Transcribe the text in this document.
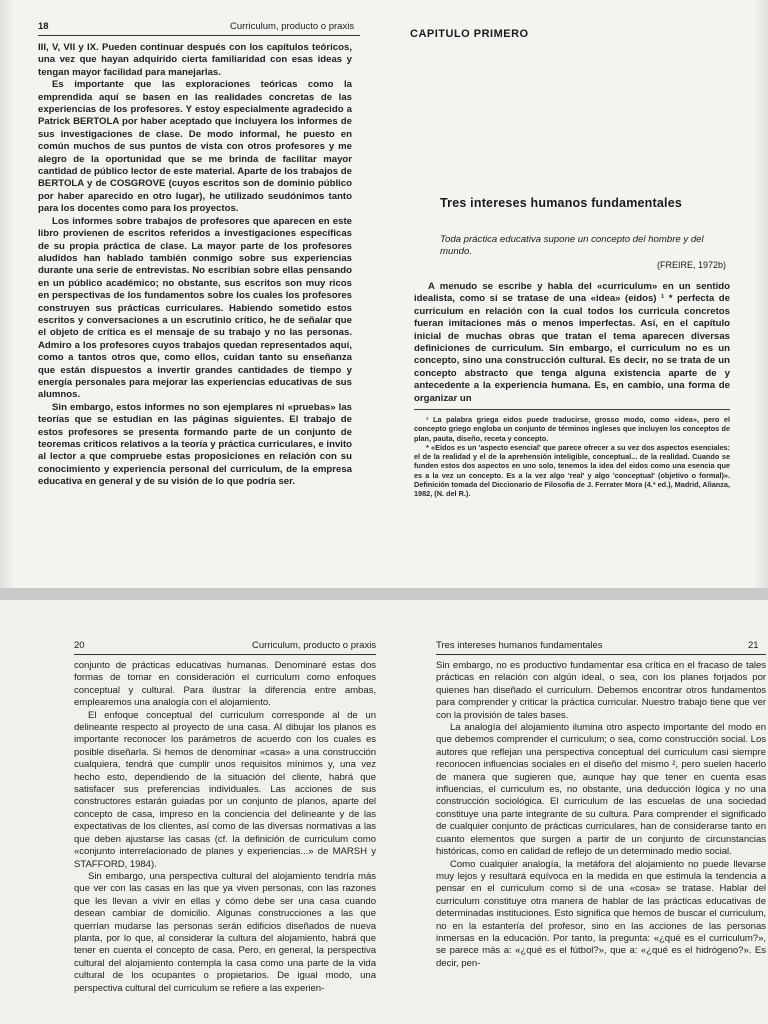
18	Curriculum, producto o praxis

III, V, VII y IX. Pueden continuar después con los capítulos teóricos, una vez que hayan adquirido cierta familiaridad con esas ideas y tengan mayor facilidad para manejarlas.

Es importante que las exploraciones teóricas como la emprendida aquí se basen en las realidades concretas de las experiencias de los profesores. Y estoy especialmente agradecido a Patrick BERTOLA por haber aceptado que incluyera los informes de sus investigaciones de clase. De modo informal, he puesto en común muchos de sus puntos de vista con otros profesores y me alegro de la oportunidad que se me brinda de facilitar mayor cantidad de público lector de este material. Aparte de los trabajos de BERTOLA y de COSGROVE (cuyos escritos son de dominio público por haber aparecido en otro lugar), he utilizado seudónimos tanto para los docentes como para los proyectos.

Los informes sobre trabajos de profesores que aparecen en este libro provienen de escritos referidos a investigaciones específicas de su propia práctica de clase. La mayor parte de los profesores aludidos han hablado también conmigo sobre sus experiencias durante una serie de entrevistas. No escribían sobre ellas pensando en un público académico; no obstante, sus escritos son muy ricos en perspectivas de los fundamentos sobre los cuales los profesores construyen sus prácticas curriculares. Habiendo sometido estos escritos y conversaciones a un escrutinio crítico, he de señalar que el objeto de crítica es el mensaje de su trabajo y no las personas. Admiro a los profesores cuyos trabajos quedan representados aquí, como a tantos otros que, como ellos, cuidan tanto su enseñanza que están dispuestos a invertir grandes cantidades de tiempo y energía personales para mejorar las experiencias educativas de sus alumnos.

Sin embargo, estos informes no son ejemplares ni «pruebas» las teorías que se estudian en las páginas siguientes. El trabajo de estos profesores se presenta formando parte de un conjunto de teoremas críticos relativos a la teoría y práctica curriculares, e invito al lector a que compruebe estas proposiciones en relación con su conocimiento y experiencia personal del curriculum, de la empresa educativa en general y de su visión de lo que podría ser.

CAPITULO PRIMERO
Tres intereses humanos fundamentales
Toda práctica educativa supone un concepto del hombre y del mundo.
(FREIRE, 1972b)

A menudo se escribe y habla del «curriculum» en un sentido idealista, como si se tratase de una «idea» (eidos) ¹ * perfecta de curriculum en relación con la cual todos los curricula concretos fueran imitaciones más o menos imperfectas. Así, en el capítulo inicial de muchas obras que tratan el tema aparecen diversas definiciones de curriculum. Sin embargo, el curriculum no es un concepto, sino una construcción cultural. Es decir, no se trata de un concepto abstracto que tenga alguna existencia aparte de y antecedente a la experiencia humana. Es, en cambio, una forma de organizar un

¹ La palabra griega eidos puede traducirse, grosso modo, como «idea», pero el concepto griego engloba un conjunto de términos ingleses que incluyen los conceptos de plan, pauta, diseño, receta y concepto.

* «Eidos es un 'aspecto esencial' que parece ofrecer a su vez dos aspectos esenciales: el de la realidad y el de la aprehensión inteligible, conceptual... de la realidad. Cuando se funden estos dos aspectos en uno solo, tenemos la idea del eidos como una esencia que es a la vez un concepto. Es a la vez algo 'real' y algo 'conceptual' (objetivo o formal)». Definición tomada del Diccionario de Filosofía de J. Ferrater Mora (4.ª ed.), Madrid, Alianza, 1982, (N. del R.).

20	Curriculum, producto o praxis

conjunto de prácticas educativas humanas. Denominaré estas dos formas de tomar en consideración el curriculum como enfoques conceptual y cultural. Para ilustrar la diferencia entre ambas, emplearemos una analogía con el alojamiento.

El enfoque conceptual del curriculum corresponde al de un delineante respecto al proyecto de una casa. Al dibujar los planos es importante reconocer los parámetros de acuerdo con los cuales es posible diseñarla. Si hemos de denominar «casa» a una construcción cualquiera, tendrá que cumplir unos requisitos mínimos y, una vez hecho esto, dependiendo de la situación del cliente, habrá que satisfacer sus preferencias individuales. Las acciones de sus constructores estarán guiadas por un conjunto de planos, aparte del concepto de casa, impreso en la conciencia del delineante y de las expectativas de los clientes, así como de las diversas normativas a las que deben ajustarse las casas (cf. la definición de curriculum como «conjunto interrelacionado de planes y experiencias...» de MARSH y STAFFORD, 1984).

Sin embargo, una perspectiva cultural del alojamiento tendría más que ver con las casas en las que ya viven personas, con las razones que les llevan a vivir en ellas y cómo debe ser una casa cuando desean cambiar de domicilio. Algunas construcciones a las que querrían mudarse las personas serán edificios diseñados de nueva planta, por lo que, al considerar la cultura del alojamiento, habrá que tener en cuenta el concepto de casa. Pero, en general, la perspectiva cultural del alojamiento contempla la casa como una parte de la vida cultural de los ocupantes o propietarios. De igual modo, una perspectiva cultural del curriculum se refiere a las experien-

Tres intereses humanos fundamentales	21

Sin embargo, no es productivo fundamentar esa crítica en el fracaso de tales prácticas en relación con algún ideal, o sea, con los planes forjados por quienes han diseñado el curriculum. Debemos encontrar otros fundamentos para comprender y criticar la práctica curricular. Nuestro trabajo tiene que ver con la provisión de tales bases.

La analogía del alojamiento ilumina otro aspecto importante del modo en que debemos comprender el curriculum; o sea, como construcción social. Los autores que reflejan una perspectiva conceptual del curriculum casi siempre reconocen influencias sociales en el diseño del mismo ², pero suelen hacerlo de manera que sugieren que, aunque hay que tener en cuenta esas influencias, el curriculum es, no obstante, una deducción lógica y no una construcción sociológica. El curriculum de las escuelas de una sociedad constituye una parte integrante de su cultura. Para comprender el significado de cualquier conjunto de prácticas curriculares, han de considerarse tanto en cuanto elementos que surgen a partir de un conjunto de circunstancias históricas, como en calidad de reflejo de un determinado medio social.

Como cualquier analogía, la metáfora del alojamiento no puede llevarse muy lejos y resultará equívoca en la medida en que estimula la tendencia a pensar en el curriculum como si de una «cosa» se tratase. Hablar del curriculum constituye otra manera de hablar de las prácticas educativas de determinadas instituciones. Esto significa que hemos de buscar el curriculum, no en la estantería del profesor, sino en las acciones de las personas inmersas en la educación. Por tanto, la pregunta: «¿qué es el curriculum?», se parece más a: «¿qué es el fútbol?», que a: «¿qué es el hidrógeno?». Es decir, pen-
